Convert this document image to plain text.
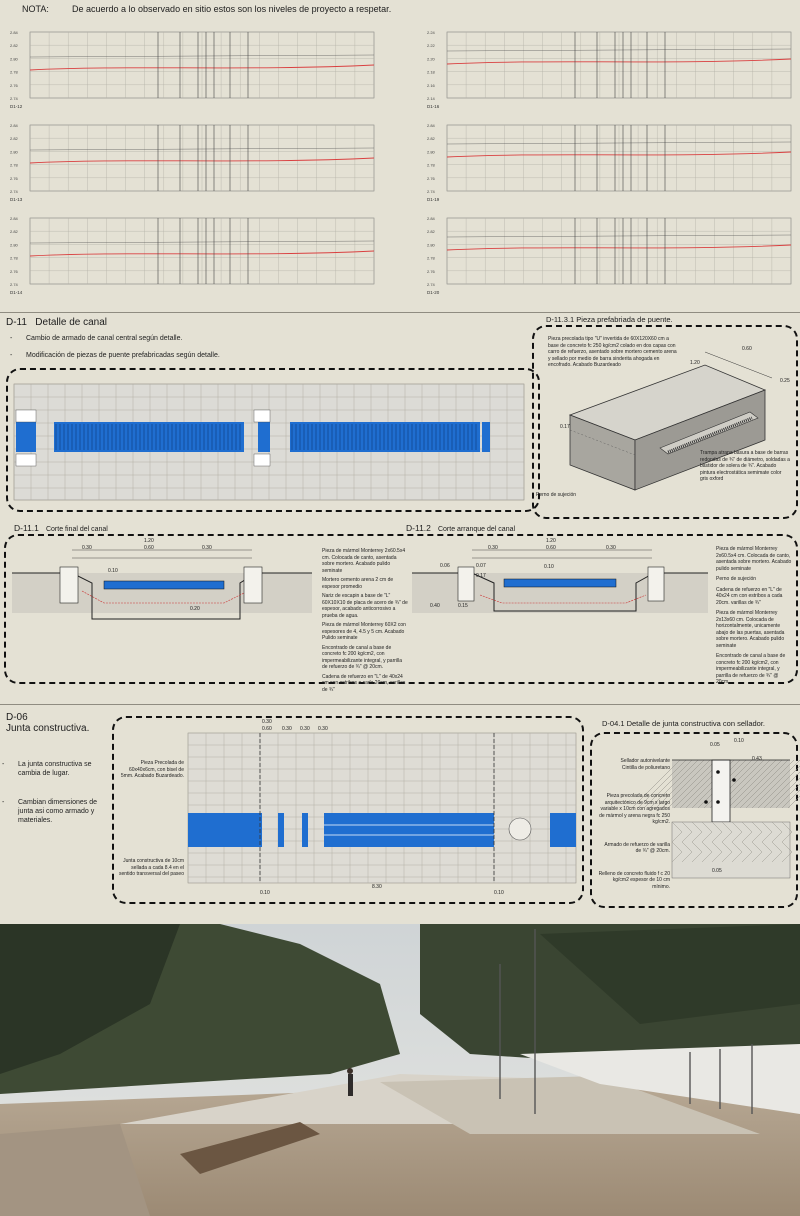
NOTA:	De acuerdo a lo observado en sitio estos son los niveles de proyecto a respetar.
2.84
2.82
2.80
2.78
2.76
2.74
D1-12
2.24
2.22
2.20
2.18
2.16
2.14
D1-16
2.84
2.82
2.80
2.78
2.76
2.74
D1-13
2.84
2.82
2.80
2.78
2.76
2.74
D1-19
2.84
2.82
2.80
2.78
2.76
2.74
D1-14
2.84
2.82
2.80
2.78
2.76
2.74
D1-20
D-11 Detalle de canal
- Cambio de armado de canal central según detalle.
- Modificación de piezas de puente prefabricadas según detalle.
D-11.3.1 Pieza prefabriada de puente.
Pieza precolada tipo "U" invertida de 60X120X60 cm a base de concreto fc 250 kg/cm2 colado en dos capas con carro de refuerzo, asentado sobre mortero cemento arena y sellado por medio de barra sinderita ahogada en encofrado. Acabado Buzardeado
Trampa atrapa basura a base de barras redondas de ¾" de diámetro, soldadas a bastidor de solera de ¾". Acabado pintura electrostática semimate color gris oxford
Perno de sujeción
0.60
1.20
0.17
0.25
D-11.1 Corte final del canal	D-11.2 Corte arranque del canal
1.20
0.30	0.60	0.30
0.10
0.20
Pieza de mármol Monterrey 2x60.5x4 cm. Colocada de canto, asentada sobre mortero. Acabado pulido seminate
Mortero cemento arena 2 cm de espesor promedio
Nariz de escapin a base de "L" 60X10X10 de placa de acero de ¾" de espesor, acabado anticorrosivo a prueba de agua.
Pieza de mármol Monterrey 60X2 con espesores de 4, 4.5 y 5 cm. Acabado Pulido seminate
Encontrado de canal a base de concreto fc 200 kg/cm2, con impermeabilizante integral, y parrilla de refuerzo de ¾" @ 20cm.
Cadena de refuerzo en "L" de 40x24 cm con estribos a cada 20cm, varillas de ¾"
1.20
0.30	0.60	0.30
0.06	0.07
0.17
0.10
0.40	0.15
Pieza de mármol Monterrey 2x60.5x4 cm. Colocada de canto, asentada sobre mortero. Acabado pulido seminate
Perno de sujeción
Cadena de refuerzo en "L" de 40x24 cm con estribos a cada 20cm. varillas de ¾"
Pieza de mármol Monterrey 2x13x60 cm. Colocada de horizontalmente, unicamente abajo de las puertas, asentada sobre mortero. Acabado pulido seminate
Encontrado de canal a base de concreto fc 200 kg/cm2, con impermeabilizante integral, y parrilla de refuerzo de ¾" @ 20cm
D-06
Junta constructiva.
- La junta constructiva se cambia de lugar.
- Cambian dimensiones de junta asi como armado y materiales.
0.30
0.60 0.30 0.30 0.30
Pieza Precolada de 60x40x6cm, con bisel de 5mm. Acabado Buzardeado.
Junta constructiva de 10cm sellada a cada 8.4 en el sentido transversal del paseo
0.10
8.30
0.10
D-04.1 Detalle de junta constructiva con sellador.
0.05
0.10
0.43
0.05
Sellador autonivelante
Cintilla de poliuretano
Pieza precolada de concreto arquitectónico de 9cm x largo variable x 10cm con agregados de mármol y arena negra fc 250 kg/cm2.
Armado de refuerzo de varilla de ¾" @ 20cm.
Relleno de concreto fluido f c 20 kg/cm2 espesor de 10 cm mínimo.
